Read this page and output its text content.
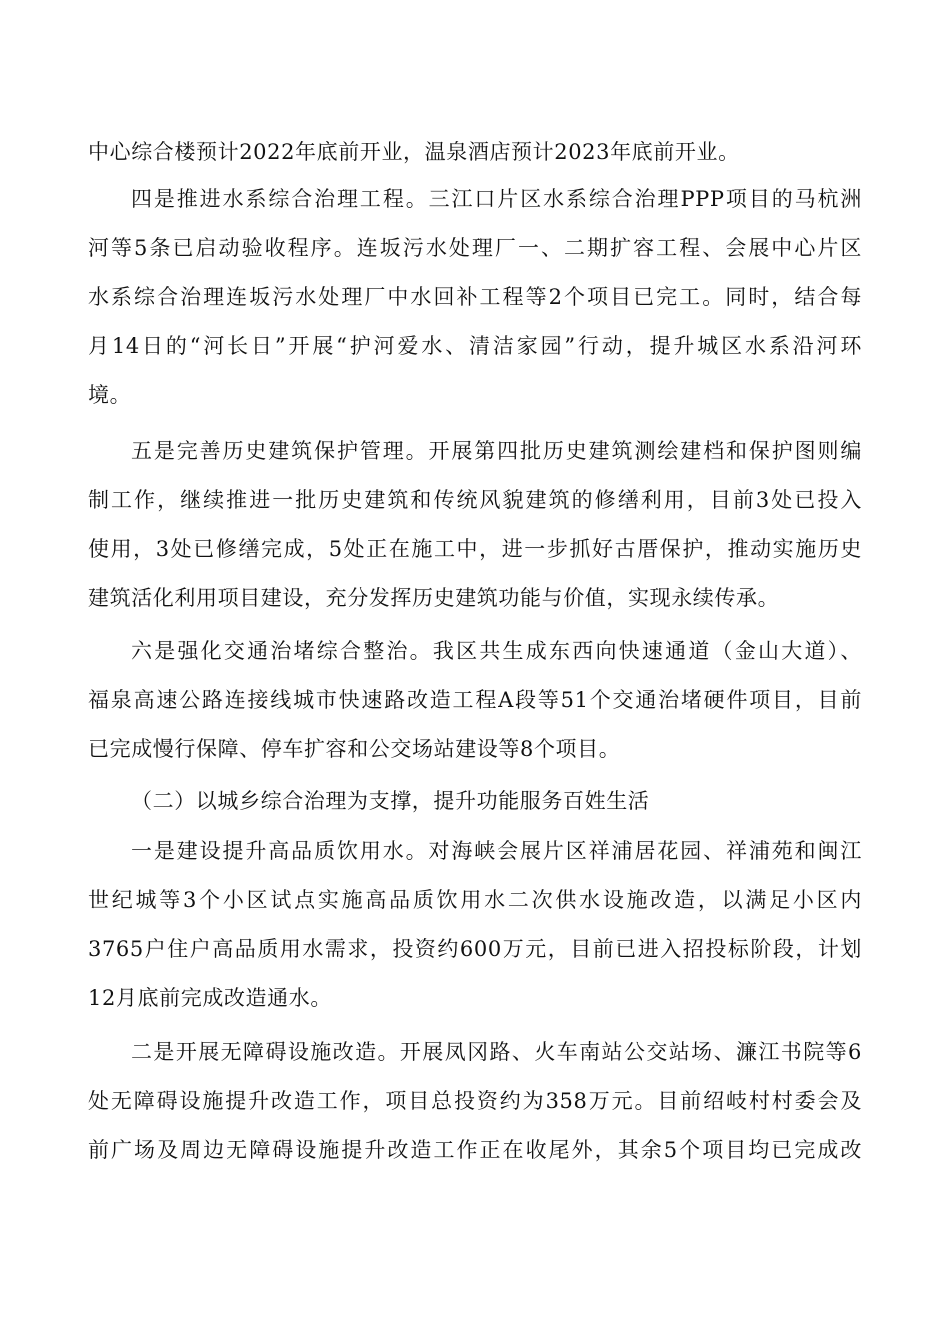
中心综合楼预计2022年底前开业，温泉酒店预计2023年底前开业。
四是推进水系综合治理工程。三江口片区水系综合治理PPP项目的马杭洲
河等5条已启动验收程序。连坂污水处理厂一、二期扩容工程、会展中心片区
水系综合治理连坂污水处理厂中水回补工程等2个项目已完工。同时，结合每
月14日的“河长日”开展“护河爱水、清洁家园”行动，提升城区水系沿河环
境。
五是完善历史建筑保护管理。开展第四批历史建筑测绘建档和保护图则编
制工作，继续推进一批历史建筑和传统风貌建筑的修缮利用，目前3处已投入
使用，3处已修缮完成，5处正在施工中，进一步抓好古厝保护，推动实施历史
建筑活化利用项目建设，充分发挥历史建筑功能与价值，实现永续传承。
六是强化交通治堵综合整治。我区共生成东西向快速通道（金山大道）、
福泉高速公路连接线城市快速路改造工程A段等51个交通治堵硬件项目，目前
已完成慢行保障、停车扩容和公交场站建设等8个项目。
（二）以城乡综合治理为支撑，提升功能服务百姓生活
一是建设提升高品质饮用水。对海峡会展片区祥浦居花园、祥浦苑和闽江
世纪城等3个小区试点实施高品质饮用水二次供水设施改造，以满足小区内
3765户住户高品质用水需求，投资约600万元，目前已进入招投标阶段，计划
12月底前完成改造通水。
二是开展无障碍设施改造。开展凤冈路、火车南站公交站场、濂江书院等6
处无障碍设施提升改造工作，项目总投资约为358万元。目前绍岐村村委会及
前广场及周边无障碍设施提升改造工作正在收尾外，其余5个项目均已完成改
